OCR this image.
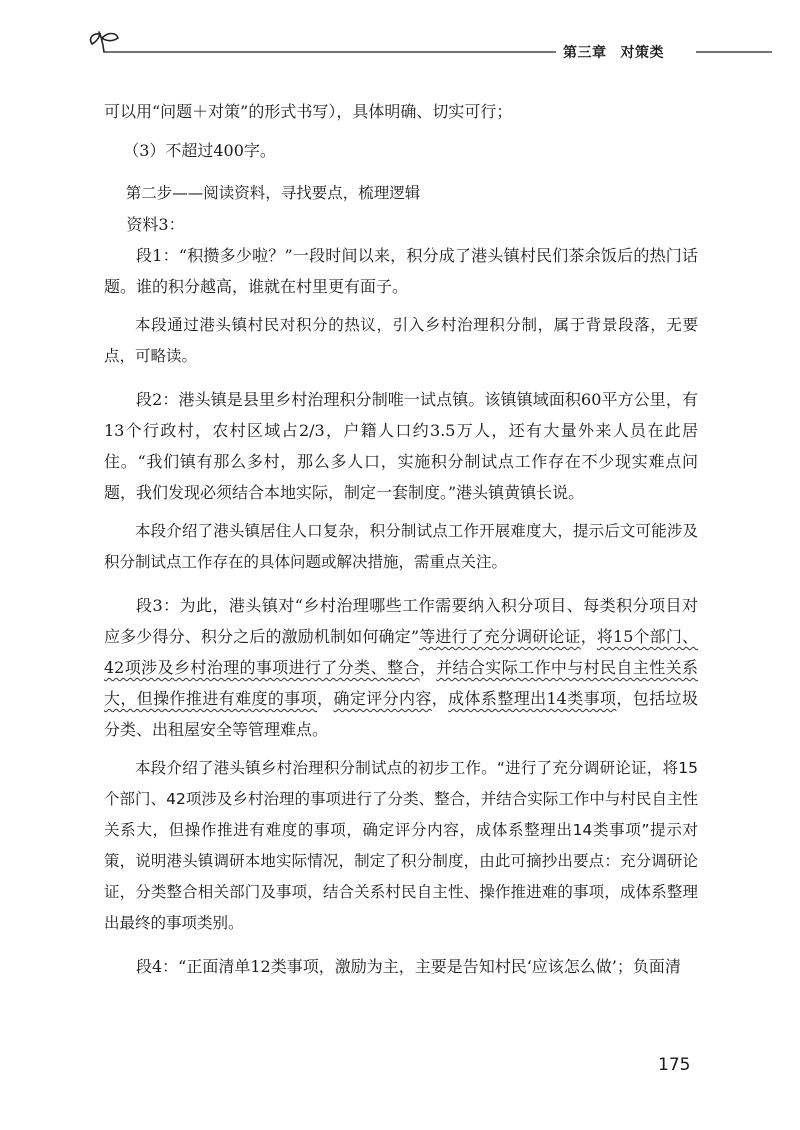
第三章 对策类

可以用“问题＋对策”的形式书写），具体明确、切实可行；

（3）不超过400字。

第二步——阅读资料，寻找要点，梳理逻辑

资料3：

段1：“积攒多少啦？”一段时间以来，积分成了港头镇村民们茶余饭后的热门话题。谁的积分越高，谁就在村里更有面子。

本段通过港头镇村民对积分的热议，引入乡村治理积分制，属于背景段落，无要点，可略读。

段2：港头镇是县里乡村治理积分制唯一试点镇。该镇镇域面积60平方公里，有13个行政村，农村区域占2/3，户籍人口约3.5万人，还有大量外来人员在此居住。“我们镇有那么多村，那么多人口，实施积分制试点工作存在不少现实难点问题，我们发现必须结合本地实际，制定一套制度。”港头镇黄镇长说。

本段介绍了港头镇居住人口复杂，积分制试点工作开展难度大，提示后文可能涉及积分制试点工作存在的具体问题或解决措施，需重点关注。

段3：为此，港头镇对“乡村治理哪些工作需要纳入积分项目、每类积分项目对应多少得分、积分之后的激励机制如何确定”等进行了充分调研论证，将15个部门、42项涉及乡村治理的事项进行了分类、整合，并结合实际工作中与村民自主性关系大，但操作推进有难度的事项，确定评分内容，成体系整理出14类事项，包括垃圾分类、出租屋安全等管理难点。

本段介绍了港头镇乡村治理积分制试点的初步工作。“进行了充分调研论证，将15个部门、42项涉及乡村治理的事项进行了分类、整合，并结合实际工作中与村民自主性关系大，但操作推进有难度的事项，确定评分内容，成体系整理出14类事项”提示对策，说明港头镇调研本地实际情况，制定了积分制度，由此可摘抄出要点：充分调研论证，分类整合相关部门及事项，结合关系村民自主性、操作推进难的事项，成体系整理出最终的事项类别。

段4：“正面清单12类事项，激励为主，主要是告知村民‘应该怎么做’；负面清

175
